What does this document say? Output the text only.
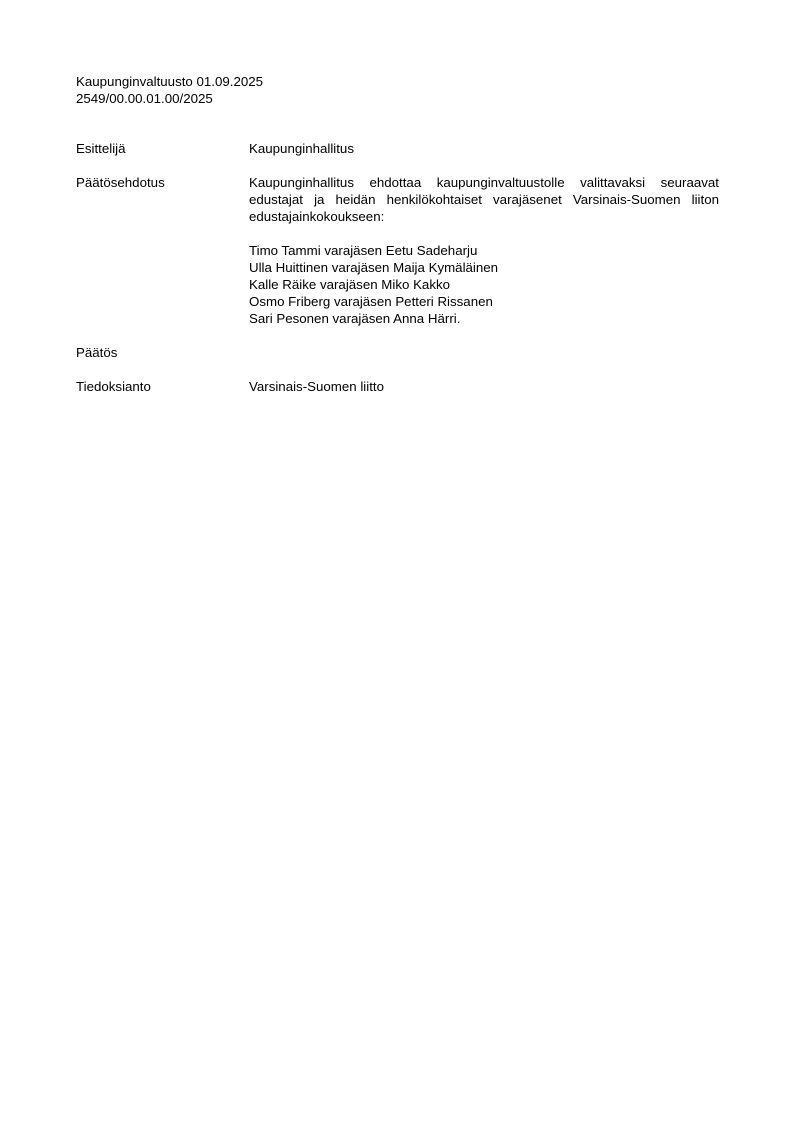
Kaupunginvaltuusto 01.09.2025
2549/00.00.01.00/2025
Esittelijä	Kaupunginhallitus
Päätösehdotus	Kaupunginhallitus ehdottaa kaupunginvaltuustolle valittavaksi seuraavat edustajat ja heidän henkilökohtaiset varajäsenet Varsinais-Suomen liiton edustajainkokoukseen:
Timo Tammi varajäsen Eetu Sadeharju
Ulla Huittinen varajäsen Maija Kymäläinen
Kalle Räike varajäsen Miko Kakko
Osmo Friberg varajäsen Petteri Rissanen
Sari Pesonen varajäsen Anna Härri.
Päätös
Tiedoksianto	Varsinais-Suomen liitto
